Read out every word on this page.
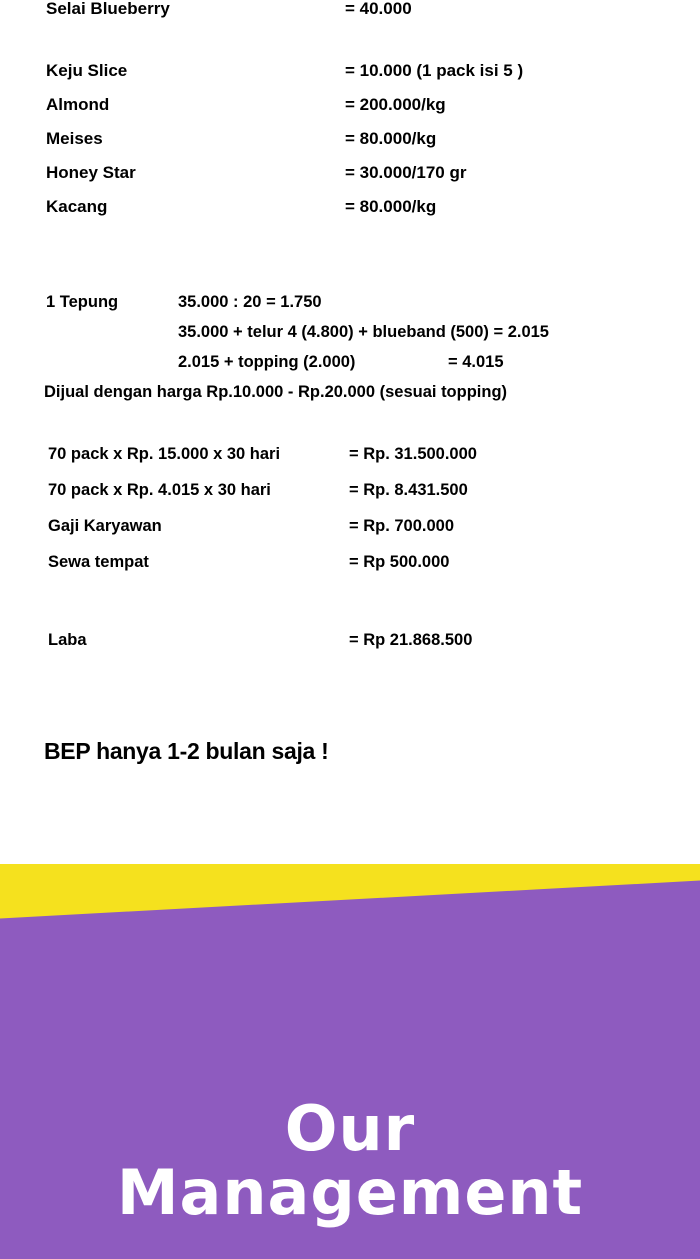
Selai Blueberry	= 40.000

Keju Slice	= 10.000 (1 pack isi 5 )
Almond	= 200.000/kg
Meises	= 80.000/kg
Honey Star	= 30.000/170 gr
Kacang	= 80.000/kg
1 Tepung	35.000 : 20 = 1.750
35.000 + telur 4 (4.800) + blueband (500) = 2.015
2.015 + topping (2.000)	= 4.015
Dijual dengan harga Rp.10.000 - Rp.20.000 (sesuai topping)
70 pack x Rp. 15.000 x 30 hari	= Rp. 31.500.000
70 pack x Rp. 4.015 x 30 hari	= Rp. 8.431.500
Gaji Karyawan	= Rp. 700.000
Sewa tempat	= Rp 500.000

Laba	= Rp 21.868.500
BEP hanya 1-2 bulan saja !
Our
Management
